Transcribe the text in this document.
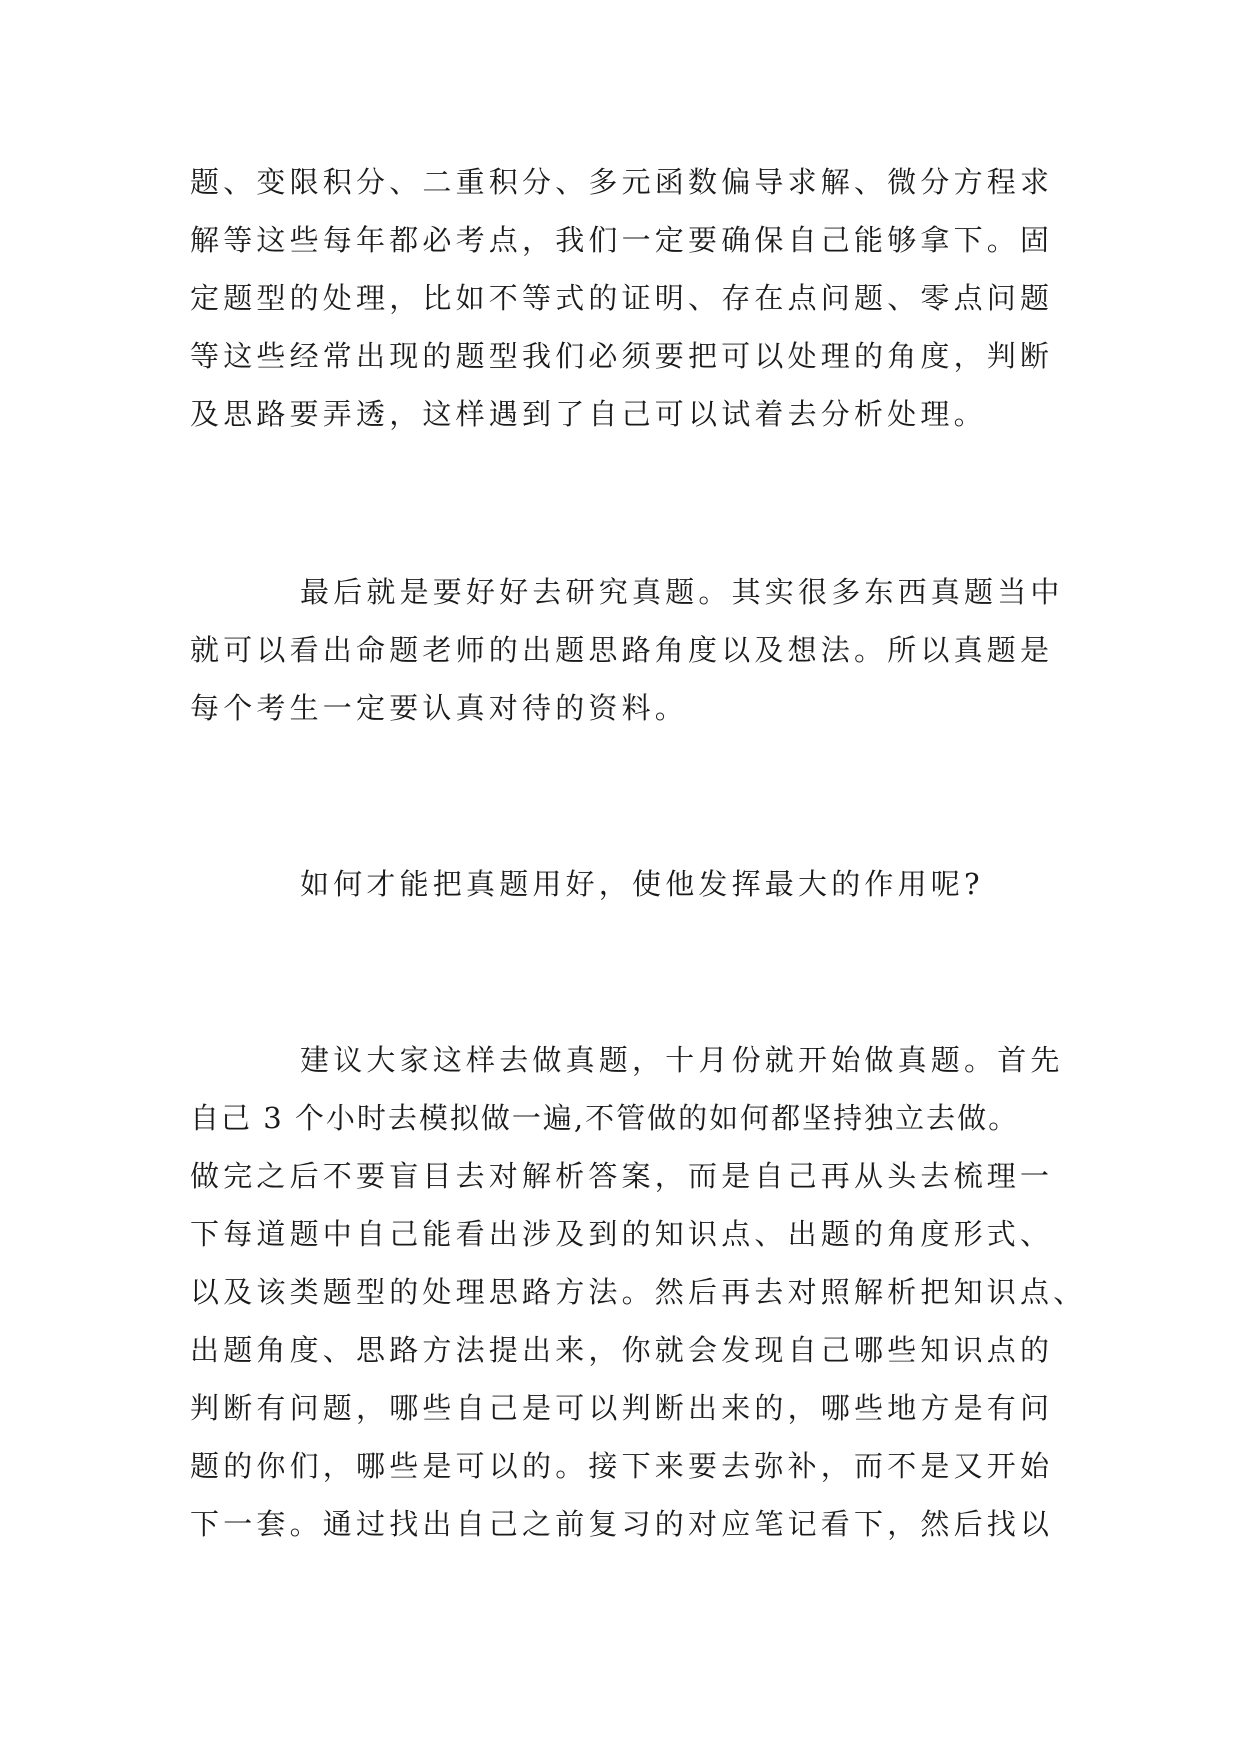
题、变限积分、二重积分、多元函数偏导求解、微分方程求
解等这些每年都必考点，我们一定要确保自己能够拿下。固
定题型的处理，比如不等式的证明、存在点问题、零点问题
等这些经常出现的题型我们必须要把可以处理的角度，判断
及思路要弄透，这样遇到了自己可以试着去分析处理。
最后就是要好好去研究真题。其实很多东西真题当中
就可以看出命题老师的出题思路角度以及想法。所以真题是
每个考生一定要认真对待的资料。
如何才能把真题用好，使他发挥最大的作用呢?
建议大家这样去做真题，十月份就开始做真题。首先
自己 3 个小时去模拟做一遍,不管做的如何都坚持独立去做。
做完之后不要盲目去对解析答案，而是自己再从头去梳理一
下每道题中自己能看出涉及到的知识点、出题的角度形式、
以及该类题型的处理思路方法。然后再去对照解析把知识点、
出题角度、思路方法提出来，你就会发现自己哪些知识点的
判断有问题，哪些自己是可以判断出来的，哪些地方是有问
题的你们，哪些是可以的。接下来要去弥补，而不是又开始
下一套。通过找出自己之前复习的对应笔记看下，然后找以
